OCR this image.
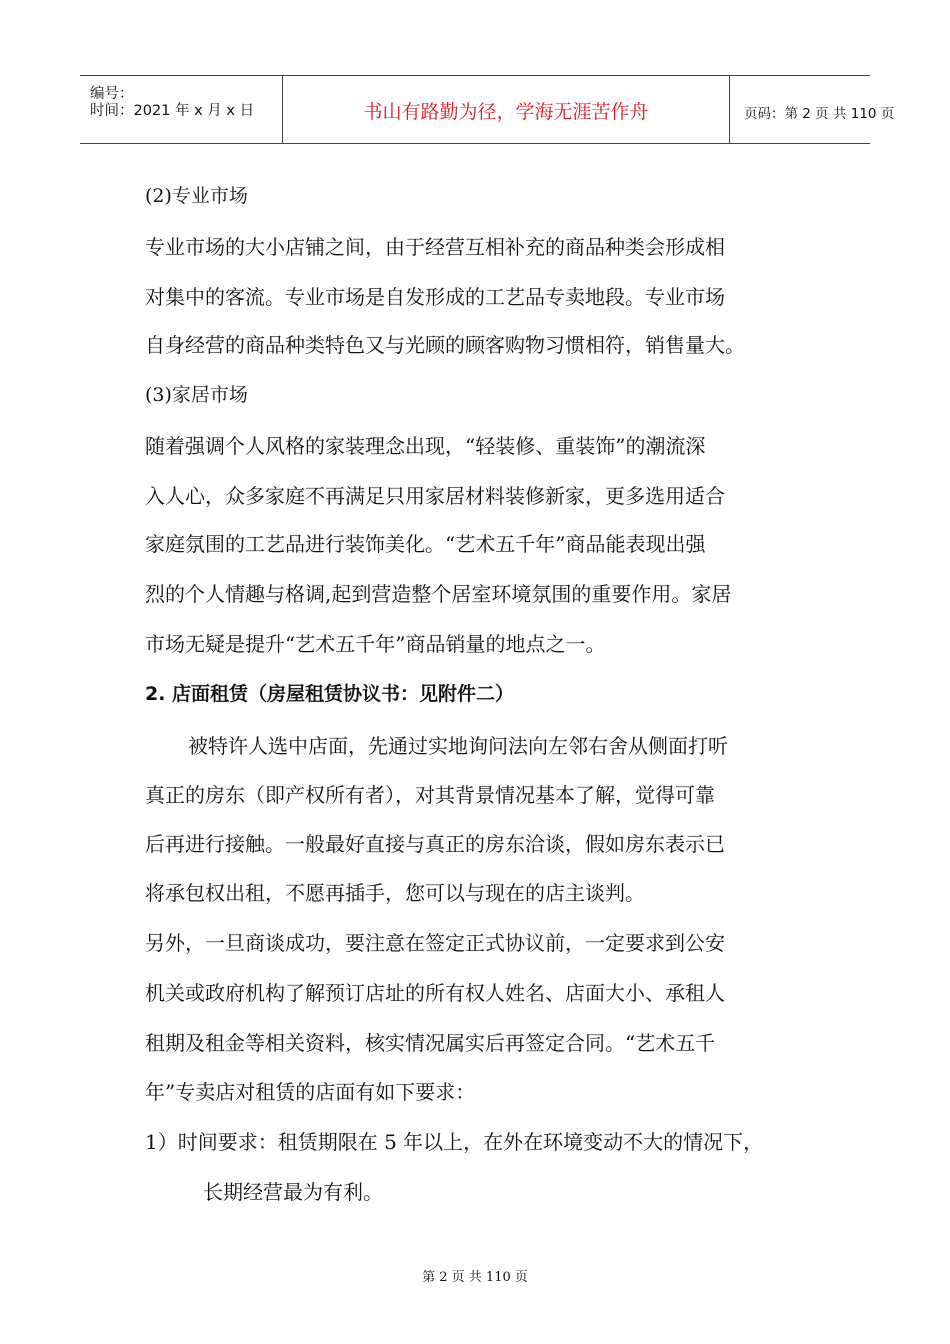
编号：
时间：2021 年 x 月 x 日	书山有路勤为径，学海无涯苦作舟	页码：第 2 页 共 110 页
(2)专业市场
专业市场的大小店铺之间，由于经营互相补充的商品种类会形成相
对集中的客流。专业市场是自发形成的工艺品专卖地段。专业市场
自身经营的商品种类特色又与光顾的顾客购物习惯相符，销售量大。
(3)家居市场
随着强调个人风格的家装理念出现，“轻装修、重装饰”的潮流深
入人心，众多家庭不再满足只用家居材料装修新家，更多选用适合
家庭氛围的工艺品进行装饰美化。“艺术五千年”商品能表现出强
烈的个人情趣与格调,起到营造整个居室环境氛围的重要作用。家居
市场无疑是提升“艺术五千年”商品销量的地点之一。
2. 店面租赁（房屋租赁协议书：见附件二）
被特许人选中店面，先通过实地询问法向左邻右舍从侧面打听
真正的房东（即产权所有者），对其背景情况基本了解，觉得可靠
后再进行接触。一般最好直接与真正的房东洽谈，假如房东表示已
将承包权出租，不愿再插手，您可以与现在的店主谈判。
另外，一旦商谈成功，要注意在签定正式协议前，一定要求到公安
机关或政府机构了解预订店址的所有权人姓名、店面大小、承租人
租期及租金等相关资料，核实情况属实后再签定合同。“艺术五千
年”专卖店对租赁的店面有如下要求：
1）时间要求：租赁期限在 5 年以上，在外在环境变动不大的情况下，
长期经营最为有利。
第 2 页 共 110 页
